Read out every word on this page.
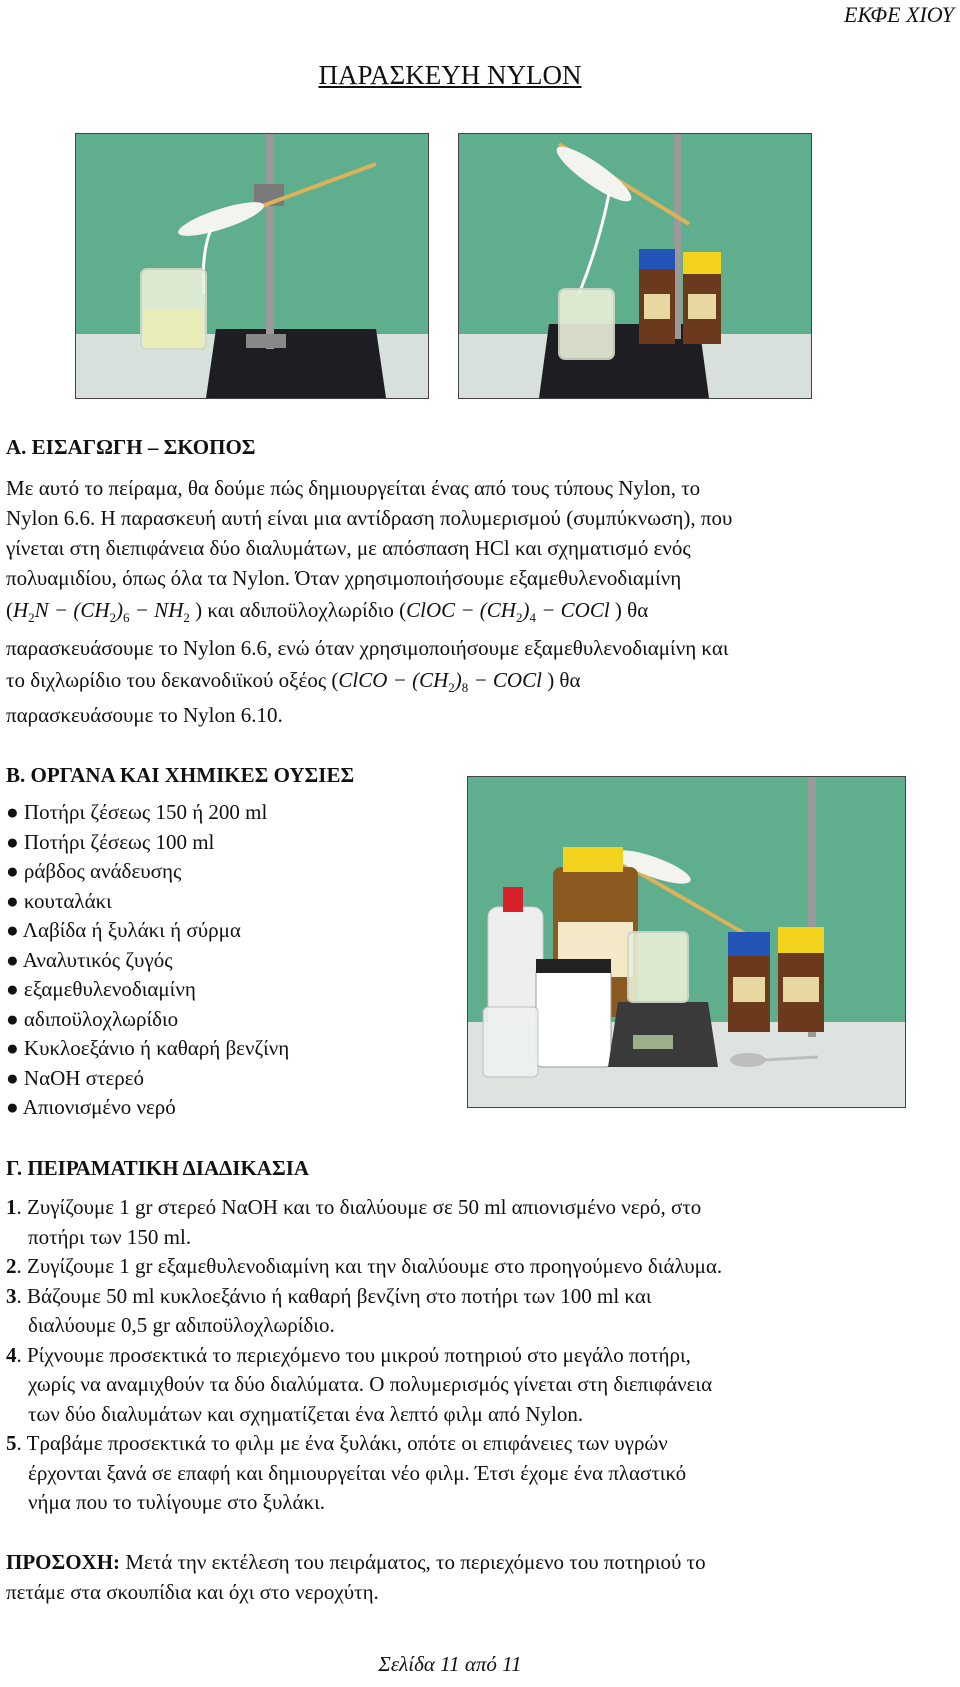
ΕΚΦΕ ΧΙΟΥ
ΠΑΡΑΣΚΕΥΗ NYLON
Α. ΕΙΣΑΓΩΓΗ – ΣΚΟΠΟΣ
Με αυτό το πείραμα, θα δούμε πώς δημιουργείται ένας από τους τύπους Nylon, το
Nylon 6.6. Η παρασκευή αυτή είναι μια αντίδραση πολυμερισμού (συμπύκνωση), που
γίνεται στη διεπιφάνεια δύο διαλυμάτων, με απόσπαση HCl και σχηματισμό ενός
πολυαμιδίου, όπως όλα τα Nylon. Όταν χρησιμοποιήσουμε εξαμεθυλενοδιαμίνη
($H_2N - (CH_2)_6 - NH_2$ ) και αδιποϋλοχλωρίδιο (ClOC − $(CH_2)_4$ − COCl ) θα
παρασκευάσουμε το Nylon 6.6, ενώ όταν χρησιμοποιήσουμε εξαμεθυλενοδιαμίνη και
το διχλωρίδιο του δεκανοδιϊκού οξέος (ClCO − $(CH_2)_8$ − COCl ) θα
παρασκευάσουμε το Nylon 6.10.
Β. ΟΡΓΑΝΑ ΚΑΙ ΧΗΜΙΚΕΣ ΟΥΣΙΕΣ
● Ποτήρι ζέσεως 150 ή 200 ml
● Ποτήρι ζέσεως 100 ml
● ράβδος ανάδευσης
● κουταλάκι
● Λαβίδα ή ξυλάκι ή σύρμα
● Αναλυτικός ζυγός
● εξαμεθυλενοδιαμίνη
● αδιποϋλοχλωρίδιο
● Κυκλοεξάνιο ή καθαρή βενζίνη
● ΝαΟΗ στερεό
● Απιονισμένο νερό
Γ. ΠΕΙΡΑΜΑΤΙΚΗ ΔΙΑΔΙΚΑΣΙΑ
1. Ζυγίζουμε 1 gr στερεό ΝαΟΗ και το διαλύουμε σε 50 ml απιονισμένο νερό, στο
ποτήρι των 150 ml.
2. Ζυγίζουμε 1 gr εξαμεθυλενοδιαμίνη και την διαλύουμε στο προηγούμενο διάλυμα.
3. Βάζουμε 50 ml κυκλοεξάνιο ή καθαρή βενζίνη στο ποτήρι των 100 ml και
διαλύουμε 0,5 gr αδιποϋλοχλωρίδιο.
4. Ρίχνουμε προσεκτικά το περιεχόμενο του μικρού ποτηριού στο μεγάλο ποτήρι,
χωρίς να αναμιχθούν τα δύο διαλύματα. Ο πολυμερισμός γίνεται στη διεπιφάνεια
των δύο διαλυμάτων και σχηματίζεται ένα λεπτό φιλμ από Nylon.
5. Τραβάμε προσεκτικά το φιλμ με ένα ξυλάκι, οπότε οι επιφάνειες των υγρών
έρχονται ξανά σε επαφή και δημιουργείται νέο φιλμ. Έτσι έχομε ένα πλαστικό
νήμα που το τυλίγουμε στο ξυλάκι.
ΠΡΟΣΟΧΗ: Μετά την εκτέλεση του πειράματος, το περιεχόμενο του ποτηριού το
πετάμε στα σκουπίδια και όχι στο νεροχύτη.
Σελίδα 11 από 11
